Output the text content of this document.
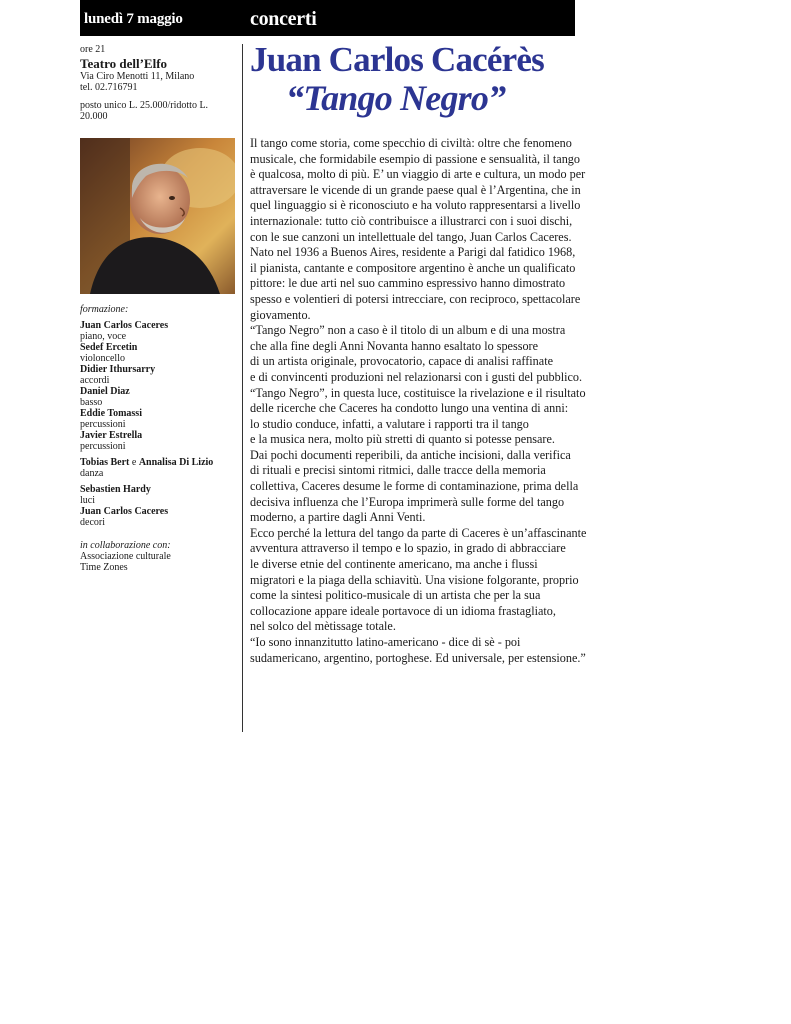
lunedì 7 maggio	concerti
ore 21
Teatro dell’Elfo
Via Ciro Menotti 11, Milano
tel. 02.716791
posto unico L. 25.000/ridotto L. 20.000
formazione:
Juan Carlos Caceres
piano, voce
Sedef Ercetin
violoncello
Didier Ithursarry
accordi
Daniel Diaz
basso
Eddie Tomassi
percussioni
Javier Estrella
percussioni
Tobias Bert e Annalisa Di Lizio
danza
Sebastien Hardy
luci
Juan Carlos Caceres
decori
in collaborazione con:
Associazione culturale
Time Zones
Juan Carlos Cacérès
“Tango Negro”
Il tango come storia, come specchio di civiltà: oltre che fenomeno
musicale, che formidabile esempio di passione e sensualità, il tango
è qualcosa, molto di più. E’ un viaggio di arte e cultura, un modo per
attraversare le vicende di un grande paese qual è l’Argentina, che in
quel linguaggio si è riconosciuto e ha voluto rappresentarsi a livello
internazionale: tutto ciò contribuisce a illustrarci con i suoi dischi,
con le sue canzoni un intellettuale del tango, Juan Carlos Caceres.
Nato nel 1936 a Buenos Aires, residente a Parigi dal fatidico 1968,
il pianista, cantante e compositore argentino è anche un qualificato
pittore: le due arti nel suo cammino espressivo hanno dimostrato
spesso e volentieri di potersi intrecciare, con reciproco, spettacolare
giovamento.
“Tango Negro” non a caso è il titolo di un album e di una mostra
che alla fine degli Anni Novanta hanno esaltato lo spessore
di un artista originale, provocatorio, capace di analisi raffinate
e di convincenti produzioni nel relazionarsi con i gusti del pubblico.
“Tango Negro”, in questa luce, costituisce la rivelazione e il risultato
delle ricerche che Caceres ha condotto lungo una ventina di anni:
lo studio conduce, infatti, a valutare i rapporti tra il tango
e la musica nera, molto più stretti di quanto si potesse pensare.
Dai pochi documenti reperibili, da antiche incisioni, dalla verifica
di rituali e precisi sintomi ritmici, dalle tracce della memoria
collettiva, Caceres desume le forme di contaminazione, prima della
decisiva influenza che l’Europa imprimerà sulle forme del tango
moderno, a partire dagli Anni Venti.
Ecco perché la lettura del tango da parte di Caceres è un’affascinante
avventura attraverso il tempo e lo spazio, in grado di abbracciare
le diverse etnie del continente americano, ma anche i flussi
migratori e la piaga della schiavitù. Una visione folgorante, proprio
come la sintesi politico-musicale di un artista che per la sua
collocazione appare ideale portavoce di un idioma frastagliato,
nel solco del mètissage totale.
“Io sono innanzitutto latino-americano - dice di sè - poi
sudamericano, argentino, portoghese. Ed universale, per estensione.”
